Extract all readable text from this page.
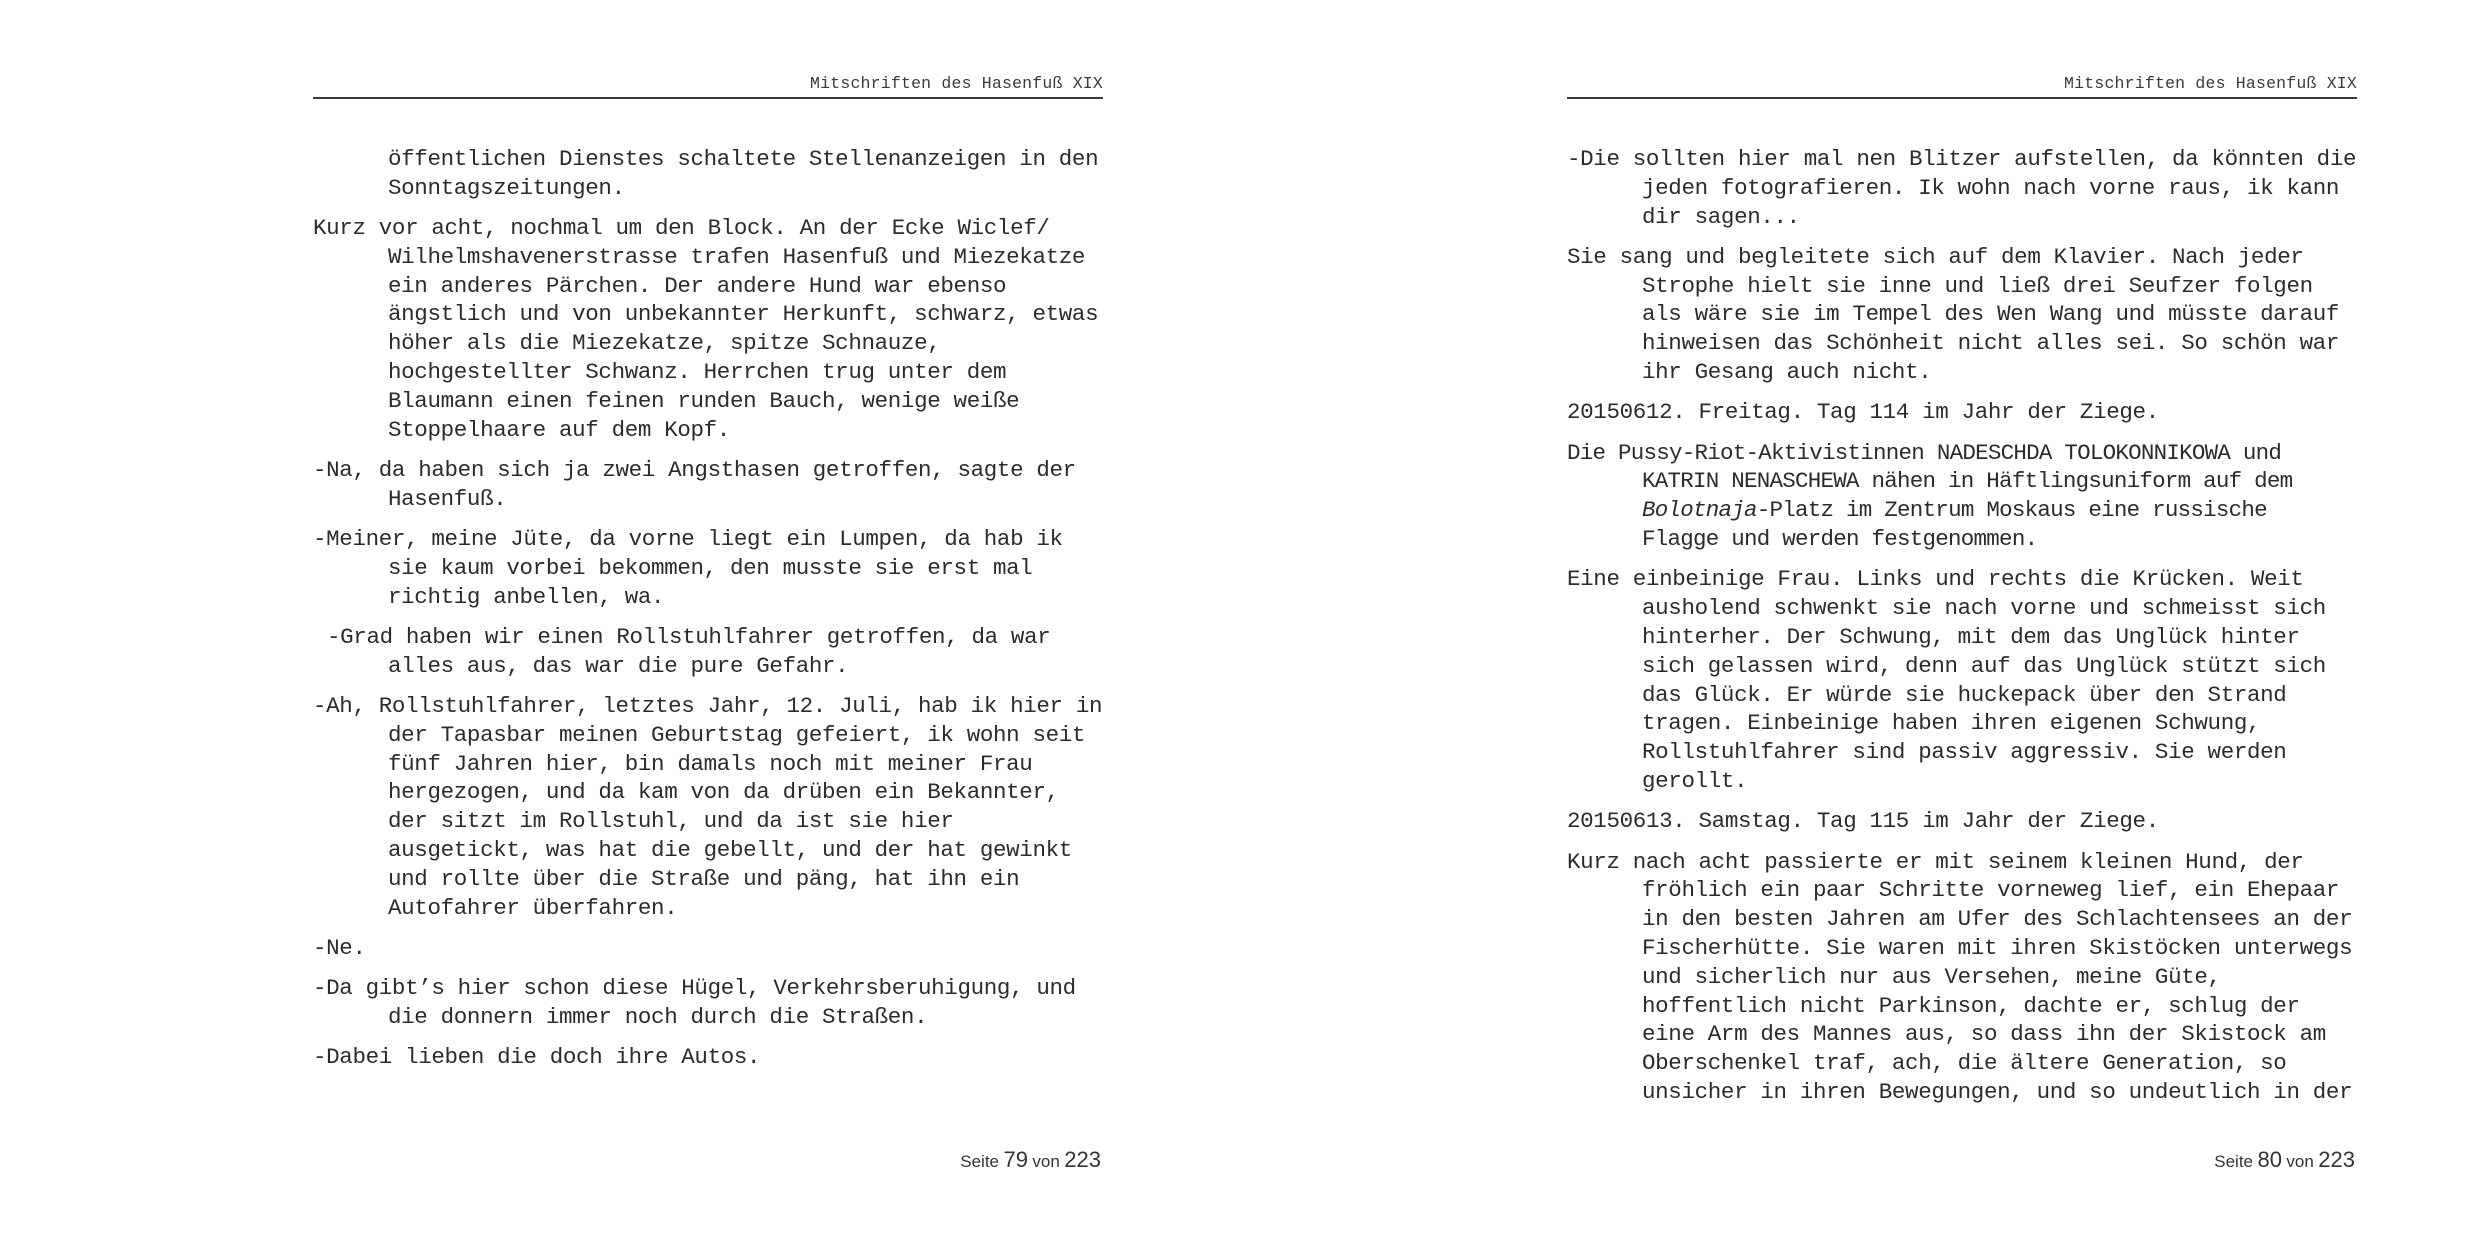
Mitschriften des Hasenfuß XIX

öffentlichen Dienstes schaltete Stellenanzeigen in den
Sonntagszeitungen.

Kurz vor acht, nochmal um den Block. An der Ecke Wiclef/
Wilhelmshavenerstrasse trafen Hasenfuß und Miezekatze
ein anderes Pärchen. Der andere Hund war ebenso
ängstlich und von unbekannter Herkunft, schwarz, etwas
höher als die Miezekatze, spitze Schnauze,
hochgestellter Schwanz. Herrchen trug unter dem
Blaumann einen feinen runden Bauch, wenige weiße
Stoppelhaare auf dem Kopf.

-Na, da haben sich ja zwei Angsthasen getroffen, sagte der
Hasenfuß.

-Meiner, meine Jüte, da vorne liegt ein Lumpen, da hab ik
sie kaum vorbei bekommen, den musste sie erst mal
richtig anbellen, wa.

-Grad haben wir einen Rollstuhlfahrer getroffen, da war
alles aus, das war die pure Gefahr.

-Ah, Rollstuhlfahrer, letztes Jahr, 12. Juli, hab ik hier in
der Tapasbar meinen Geburtstag gefeiert, ik wohn seit
fünf Jahren hier, bin damals noch mit meiner Frau
hergezogen, und da kam von da drüben ein Bekannter,
der sitzt im Rollstuhl, und da ist sie hier
ausgetickt, was hat die gebellt, und der hat gewinkt
und rollte über die Straße und päng, hat ihn ein
Autofahrer überfahren.

-Ne.

-Da gibt’s hier schon diese Hügel, Verkehrsberuhigung, und
die donnern immer noch durch die Straßen.

-Dabei lieben die doch ihre Autos.

Seite 79 von 223
Mitschriften des Hasenfuß XIX

-Die sollten hier mal nen Blitzer aufstellen, da könnten die
jeden fotografieren. Ik wohn nach vorne raus, ik kann
dir sagen...

Sie sang und begleitete sich auf dem Klavier. Nach jeder
Strophe hielt sie inne und ließ drei Seufzer folgen
als wäre sie im Tempel des Wen Wang und müsste darauf
hinweisen das Schönheit nicht alles sei. So schön war
ihr Gesang auch nicht.

20150612. Freitag. Tag 114 im Jahr der Ziege.

Die Pussy-Riot-Aktivistinnen NADESCHDA TOLOKONNIKOWA und
KATRIN NENASCHEWA nähen in Häftlingsuniform auf dem
Bolotnaja-Platz im Zentrum Moskaus eine russische
Flagge und werden festgenommen.

Eine einbeinige Frau. Links und rechts die Krücken. Weit
ausholend schwenkt sie nach vorne und schmeisst sich
hinterher. Der Schwung, mit dem das Unglück hinter
sich gelassen wird, denn auf das Unglück stützt sich
das Glück. Er würde sie huckepack über den Strand
tragen. Einbeinige haben ihren eigenen Schwung,
Rollstuhlfahrer sind passiv aggressiv. Sie werden
gerollt.

20150613. Samstag. Tag 115 im Jahr der Ziege.

Kurz nach acht passierte er mit seinem kleinen Hund, der
fröhlich ein paar Schritte vorneweg lief, ein Ehepaar
in den besten Jahren am Ufer des Schlachtensees an der
Fischerhütte. Sie waren mit ihren Skistöcken unterwegs
und sicherlich nur aus Versehen, meine Güte,
hoffentlich nicht Parkinson, dachte er, schlug der
eine Arm des Mannes aus, so dass ihn der Skistock am
Oberschenkel traf, ach, die ältere Generation, so
unsicher in ihren Bewegungen, und so undeutlich in der

Seite 80 von 223
